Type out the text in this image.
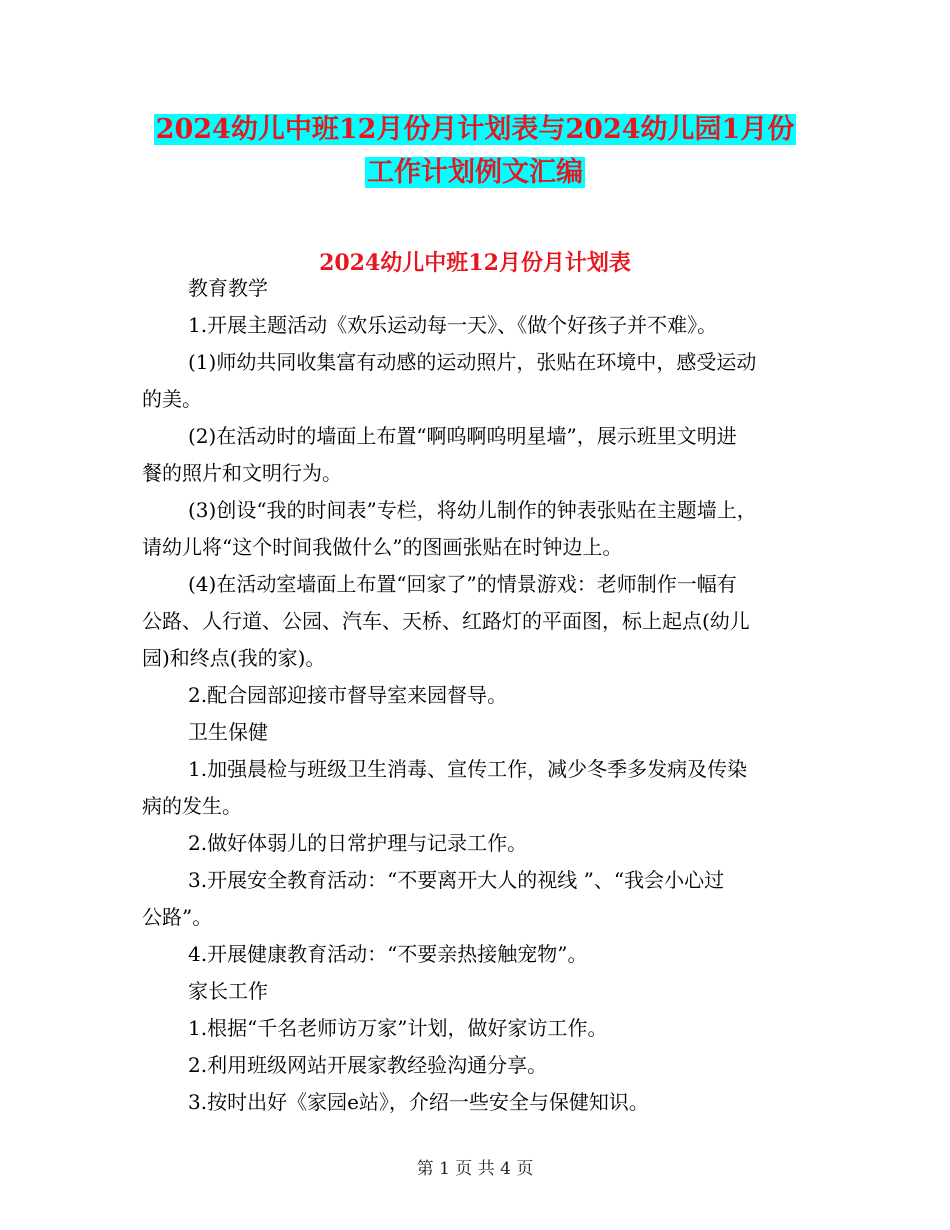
2024幼儿中班12月份月计划表与2024幼儿园1月份
工作计划例文汇编
2024幼儿中班12月份月计划表

教育教学

1.开展主题活动《欢乐运动每一天》、《做个好孩子并不难》。

(1)师幼共同收集富有动感的运动照片，张贴在环境中，感受运动

的美。

(2)在活动时的墙面上布置“啊呜啊呜明星墙”，展示班里文明进

餐的照片和文明行为。

(3)创设“我的时间表”专栏，将幼儿制作的钟表张贴在主题墙上，

请幼儿将“这个时间我做什么”的图画张贴在时钟边上。

(4)在活动室墙面上布置“回家了”的情景游戏：老师制作一幅有

公路、人行道、公园、汽车、天桥、红路灯的平面图，标上起点(幼儿

园)和终点(我的家)。

2.配合园部迎接市督导室来园督导。

卫生保健

1.加强晨检与班级卫生消毒、宣传工作，减少冬季多发病及传染

病的发生。

2.做好体弱儿的日常护理与记录工作。

3.开展安全教育活动：“不要离开大人的视线 ”、“我会小心过

公路”。

4.开展健康教育活动：“不要亲热接触宠物”。

家长工作

1.根据“千名老师访万家”计划，做好家访工作。

2.利用班级网站开展家教经验沟通分享。

3.按时出好《家园e站》，介绍一些安全与保健知识。

第 1 页 共 4 页
